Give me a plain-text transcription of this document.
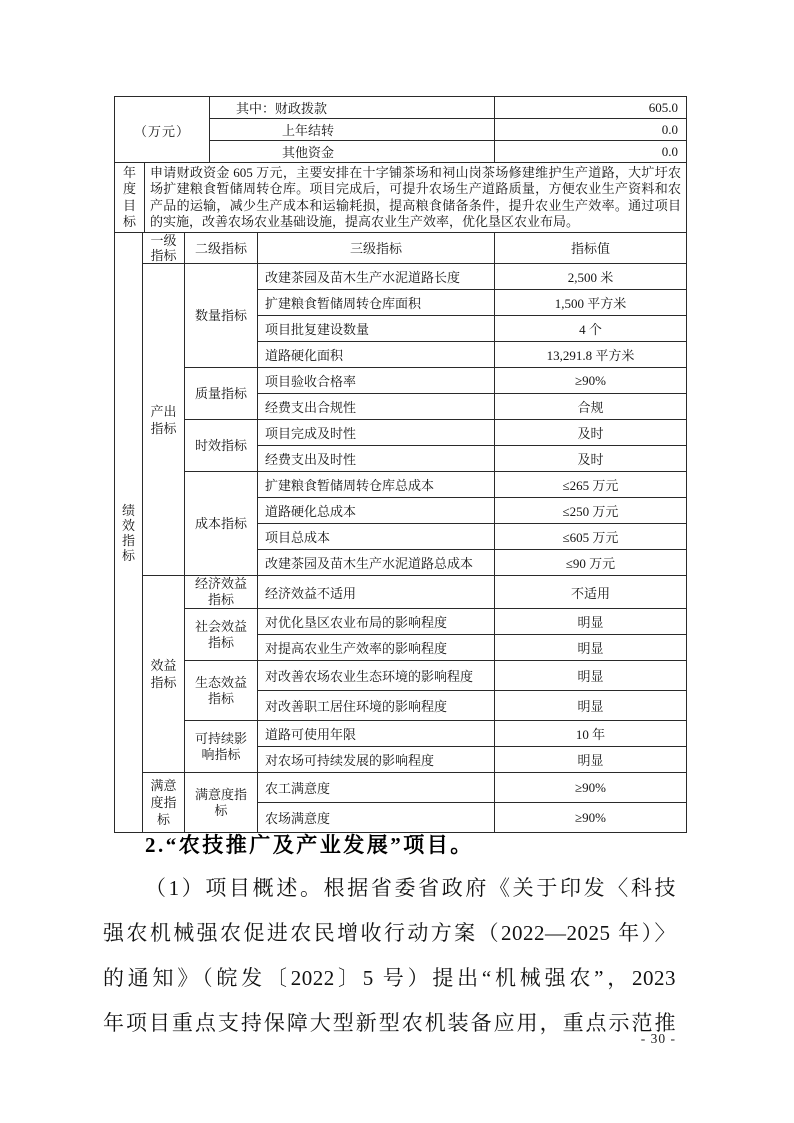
（万元）	其中：财政拨款	605.0
	上年结转	0.0
	其他资金	0.0
年度目标	申请财政资金 605 万元，主要安排在十字铺茶场和祠山岗茶场修建维护生产道路，大圹圩农场扩建粮食暂储周转仓库。项目完成后，可提升农场生产道路质量，方便农业生产资料和农产品的运输，减少生产成本和运输耗损，提高粮食储备条件，提升农业生产效率。通过项目的实施，改善农场农业基础设施，提高农业生产效率，优化垦区农业布局。
绩效指标	一级指标	二级指标	三级指标	指标值
	产出指标	数量指标	改建茶园及苗木生产水泥道路长度	2,500 米
			扩建粮食暂储周转仓库面积	1,500 平方米
			项目批复建设数量	4 个
			道路硬化面积	13,291.8 平方米
		质量指标	项目验收合格率	≥90%
			经费支出合规性	合规
		时效指标	项目完成及时性	及时
			经费支出及时性	及时
		成本指标	扩建粮食暂储周转仓库总成本	≤265 万元
			道路硬化总成本	≤250 万元
			项目总成本	≤605 万元
			改建茶园及苗木生产水泥道路总成本	≤90 万元
	效益指标	经济效益指标	经济效益不适用	不适用
		社会效益指标	对优化垦区农业布局的影响程度	明显
			对提高农业生产效率的影响程度	明显
		生态效益指标	对改善农场农业生态环境的影响程度	明显
			对改善职工居住环境的影响程度	明显
		可持续影响指标	道路可使用年限	10 年
			对农场可持续发展的影响程度	明显
	满意度指标	满意度指标	农工满意度	≥90%
			农场满意度	≥90%
2.“农技推广及产业发展”项目。
（1）项目概述。根据省委省政府《关于印发〈科技
强农机械强农促进农民增收行动方案（2022—2025 年）〉
的通知》（皖发〔2022〕5 号）提出“机械强农”，2023
年项目重点支持保障大型新型农机装备应用，重点示范推
- 30 -
